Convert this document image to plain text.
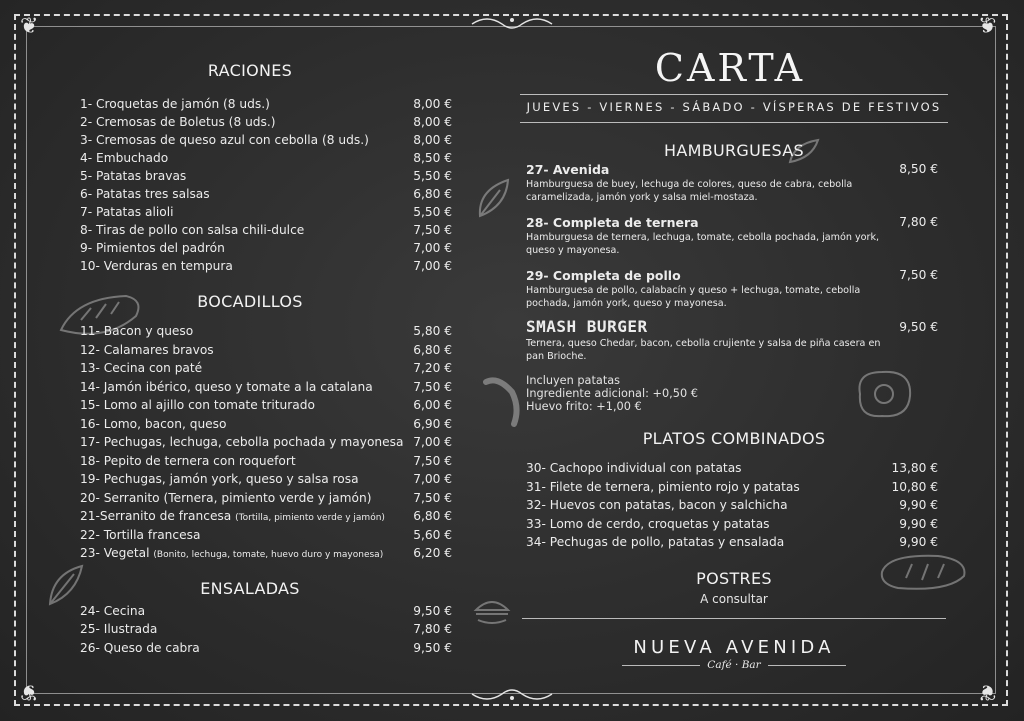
❦	❦
❦	❦
RACIONES
1- Croquetas de jamón (8 uds.)	8,00 €
2- Cremosas de Boletus (8 uds.)	8,00 €
3- Cremosas de queso azul con cebolla (8 uds.)	8,00 €
4- Embuchado	8,50 €
5- Patatas bravas	5,50 €
6- Patatas tres salsas	6,80 €
7- Patatas alioli	5,50 €
8- Tiras de pollo con salsa chili-dulce	7,50 €
9- Pimientos del padrón	7,00 €
10- Verduras en tempura	7,00 €
BOCADILLOS
11- Bacon y queso	5,80 €
12- Calamares bravos	6,80 €
13- Cecina con paté	7,20 €
14- Jamón ibérico, queso y tomate a la catalana	7,50 €
15- Lomo al ajillo con tomate triturado	6,00 €
16- Lomo, bacon, queso	6,90 €
17- Pechugas, lechuga, cebolla pochada y mayonesa 7,00 €
18- Pepito de ternera con roquefort	7,50 €
19- Pechugas, jamón york, queso y salsa rosa	7,00 €
20- Serranito (Ternera, pimiento verde y jamón)	7,50 €
21-Serranito de francesa (Tortilla, pimiento verde y jamón) 6,80 €
22- Tortilla francesa	5,60 €
23- Vegetal (Bonito, lechuga, tomate, huevo duro y mayonesa) 6,20 €
ENSALADAS
24- Cecina	9,50 €
25- Ilustrada	7,80 €
26- Queso de cabra	9,50 €
CARTA
JUEVES - VIERNES - SÁBADO - VÍSPERAS DE FESTIVOS
HAMBURGUESAS
27- Avenida	8,50 €
Hamburguesa de buey, lechuga de colores, queso de cabra, cebolla caramelizada, jamón york y salsa miel-mostaza.
28- Completa de ternera	7,80 €
Hamburguesa de ternera, lechuga, tomate, cebolla pochada, jamón york, queso y mayonesa.
29- Completa de pollo	7,50 €
Hamburguesa de pollo, calabacín y queso + lechuga, tomate, cebolla pochada, jamón york, queso y mayonesa.
SMASH BURGER	9,50 €
Ternera, queso Chedar, bacon, cebolla crujiente y salsa de piña casera en pan Brioche.
Incluyen patatas
Ingrediente adicional: +0,50 €
Huevo frito: +1,00 €
PLATOS COMBINADOS
30- Cachopo individual con patatas	13,80 €
31- Filete de ternera, pimiento rojo y patatas	10,80 €
32- Huevos con patatas, bacon y salchicha	9,90 €
33- Lomo de cerdo, croquetas y patatas	9,90 €
34- Pechugas de pollo, patatas y ensalada	9,90 €
POSTRES
A consultar
NUEVA AVENIDA
Café · Bar
